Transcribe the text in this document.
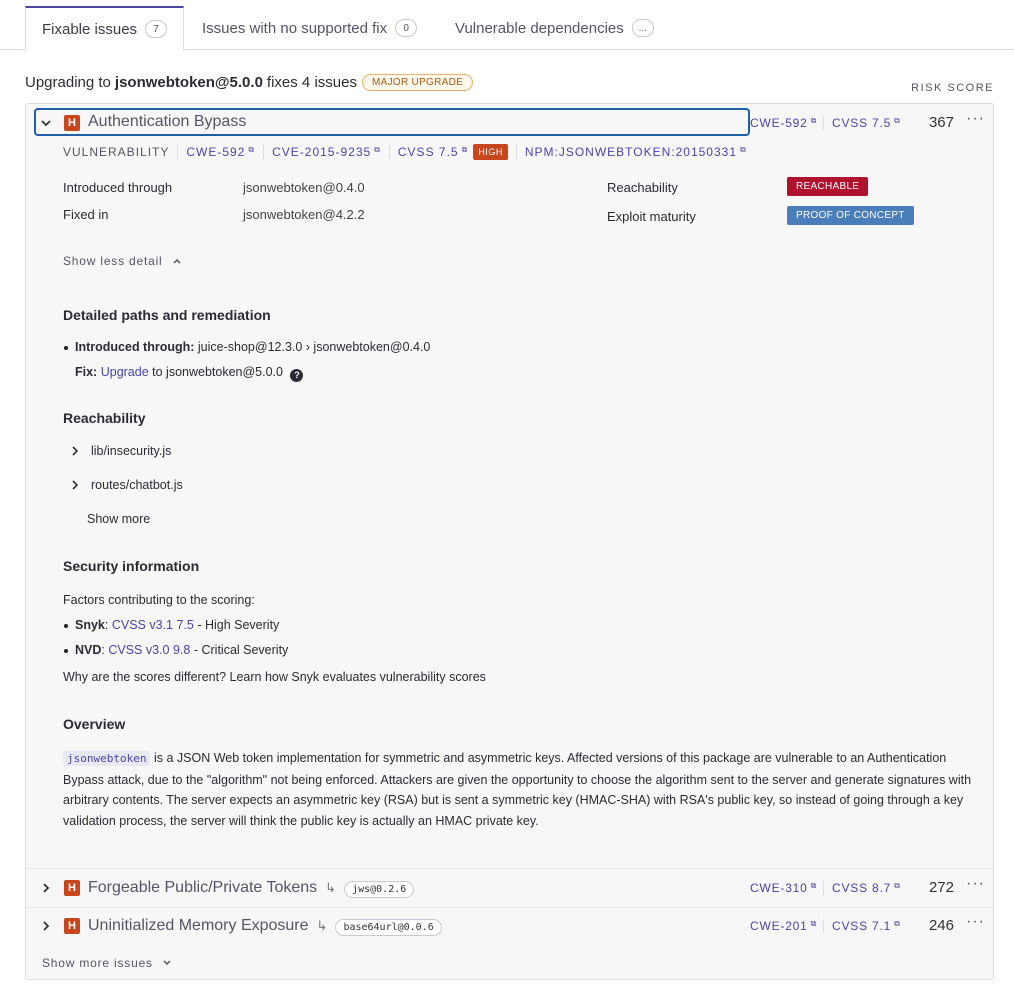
Fixable issues	7	Issues with no supported fix	0	Vulnerable dependencies	...
Upgrading to jsonwebtoken@5.0.0 fixes 4 issues	MAJOR UPGRADE	RISK SCORE
H Authentication Bypass	CWE-592 ⧉ CVSS 7.5 ⧉	367 ···
VULNERABILITY	CWE-592 ⧉	CVE-2015-9235 ⧉	CVSS 7.5 ⧉	HIGH	NPM:JSONWEBTOKEN:20150331 ⧉
Introduced through	jsonwebtoken@0.4.0
Fixed in	jsonwebtoken@4.2.2
Reachability	REACHABLE
Exploit maturity	PROOF OF CONCEPT
Show less detail
Detailed paths and remediation
Introduced through: juice-shop@12.3.0 › jsonwebtoken@0.4.0
Fix: Upgrade to jsonwebtoken@5.0.0 ?
Reachability
lib/insecurity.js
routes/chatbot.js
Show more
Security information
Factors contributing to the scoring:
Snyk: CVSS v3.1 7.5 - High Severity
NVD: CVSS v3.0 9.8 - Critical Severity
Why are the scores different? Learn how Snyk evaluates vulnerability scores
Overview
jsonwebtoken is a JSON Web token implementation for symmetric and asymmetric keys. Affected versions of this package are vulnerable to an Authentication Bypass attack, due to the "algorithm" not being enforced. Attackers are given the opportunity to choose the algorithm sent to the server and generate signatures with arbitrary contents. The server expects an asymmetric key (RSA) but is sent a symmetric key (HMAC-SHA) with RSA's public key, so instead of going through a key validation process, the server will think the public key is actually an HMAC private key.
H Forgeable Public/Private Tokens ↳ jws@0.2.6	CWE-310 ⧉ CVSS 8.7 ⧉	272 ···
H Uninitialized Memory Exposure ↳ base64url@0.0.6	CWE-201 ⧉ CVSS 7.1 ⧉	246 ···
Show more issues
